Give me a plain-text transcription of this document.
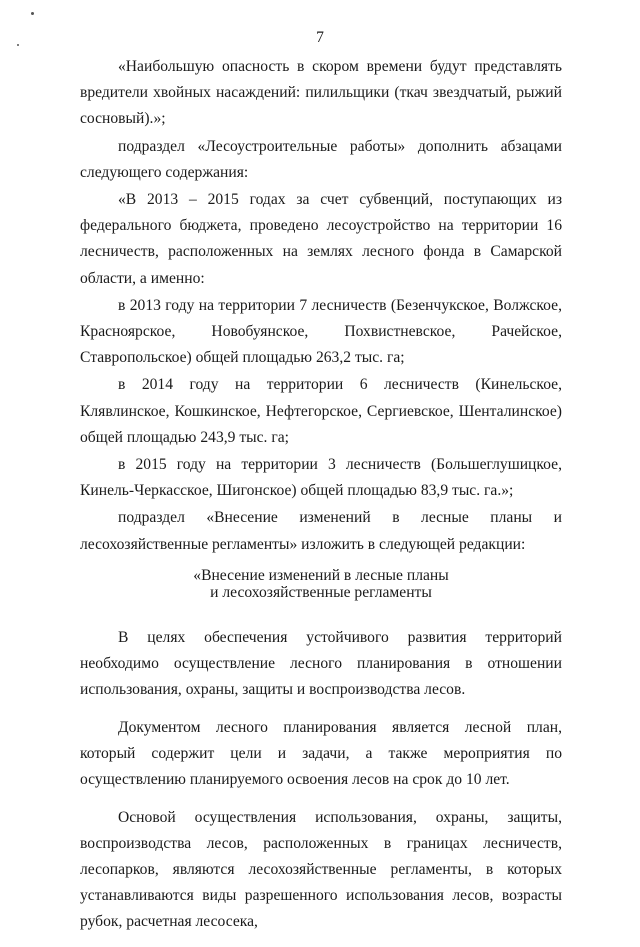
7

«Наибольшую опасность в скором времени будут представлять вредители хвойных насаждений: пилильщики (ткач звездчатый, рыжий сосновый).»;

подраздел «Лесоустроительные работы» дополнить абзацами следующего содержания:

«В 2013 – 2015 годах за счет субвенций, поступающих из федерального бюджета, проведено лесоустройство на территории 16 лесничеств, расположенных на землях лесного фонда в Самарской области, а именно:

в 2013 году на территории 7 лесничеств (Безенчукское, Волжское, Красноярское, Новобуянское, Похвистневское, Рачейское, Ставропольское) общей площадью 263,2 тыс. га;

в 2014 году на территории 6 лесничеств (Кинельское, Клявлинское, Кошкинское, Нефтегорское, Сергиевское, Шенталинское) общей площадью 243,9 тыс. га;

в 2015 году на территории 3 лесничеств (Большеглушицкое, Кинель-Черкасское, Шигонское) общей площадью 83,9 тыс. га.»;

подраздел «Внесение изменений в лесные планы и лесохозяйственные регламенты» изложить в следующей редакции:

«Внесение изменений в лесные планы
и лесохозяйственные регламенты

В целях обеспечения устойчивого развития территорий необходимо осуществление лесного планирования в отношении использования, охраны, защиты и воспроизводства лесов.

Документом лесного планирования является лесной план, который содержит цели и задачи, а также мероприятия по осуществлению планируемого освоения лесов на срок до 10 лет.

Основой осуществления использования, охраны, защиты, воспроизводства лесов, расположенных в границах лесничеств, лесопарков, являются лесохозяйственные регламенты, в которых устанавливаются виды разрешенного использования лесов, возрасты рубок, расчетная лесосека,
